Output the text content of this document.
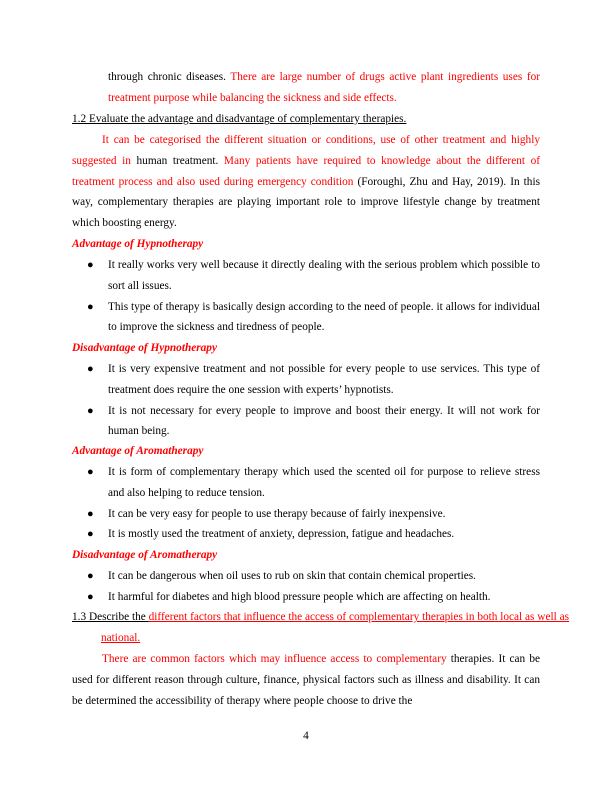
through chronic diseases. There are large number of drugs active plant ingredients uses for treatment purpose while balancing the sickness and side effects.
1.2 Evaluate the advantage and disadvantage of complementary therapies.
It can be categorised the different situation or conditions, use of other treatment and highly suggested in human treatment. Many patients have required to knowledge about the different of treatment process and also used during emergency condition (Foroughi, Zhu and Hay, 2019). In this way, complementary therapies are playing important role to improve lifestyle change by treatment which boosting energy.
Advantage of Hypnotherapy
● It really works very well because it directly dealing with the serious problem which possible to sort all issues.
● This type of therapy is basically design according to the need of people. it allows for individual to improve the sickness and tiredness of people.
Disadvantage of Hypnotherapy
● It is very expensive treatment and not possible for every people to use services. This type of treatment does require the one session with experts’ hypnotists.
● It is not necessary for every people to improve and boost their energy. It will not work for human being.
Advantage of Aromatherapy
● It is form of complementary therapy which used the scented oil for purpose to relieve stress and also helping to reduce tension.
● It can be very easy for people to use therapy because of fairly inexpensive.
● It is mostly used the treatment of anxiety, depression, fatigue and headaches.
Disadvantage of Aromatherapy
● It can be dangerous when oil uses to rub on skin that contain chemical properties.
● It harmful for diabetes and high blood pressure people which are affecting on health.
1.3 Describe the different factors that influence the access of complementary therapies in both local as well as national.
There are common factors which may influence access to complementary therapies. It can be used for different reason through culture, finance, physical factors such as illness and disability. It can be determined the accessibility of therapy where people choose to drive the
4
